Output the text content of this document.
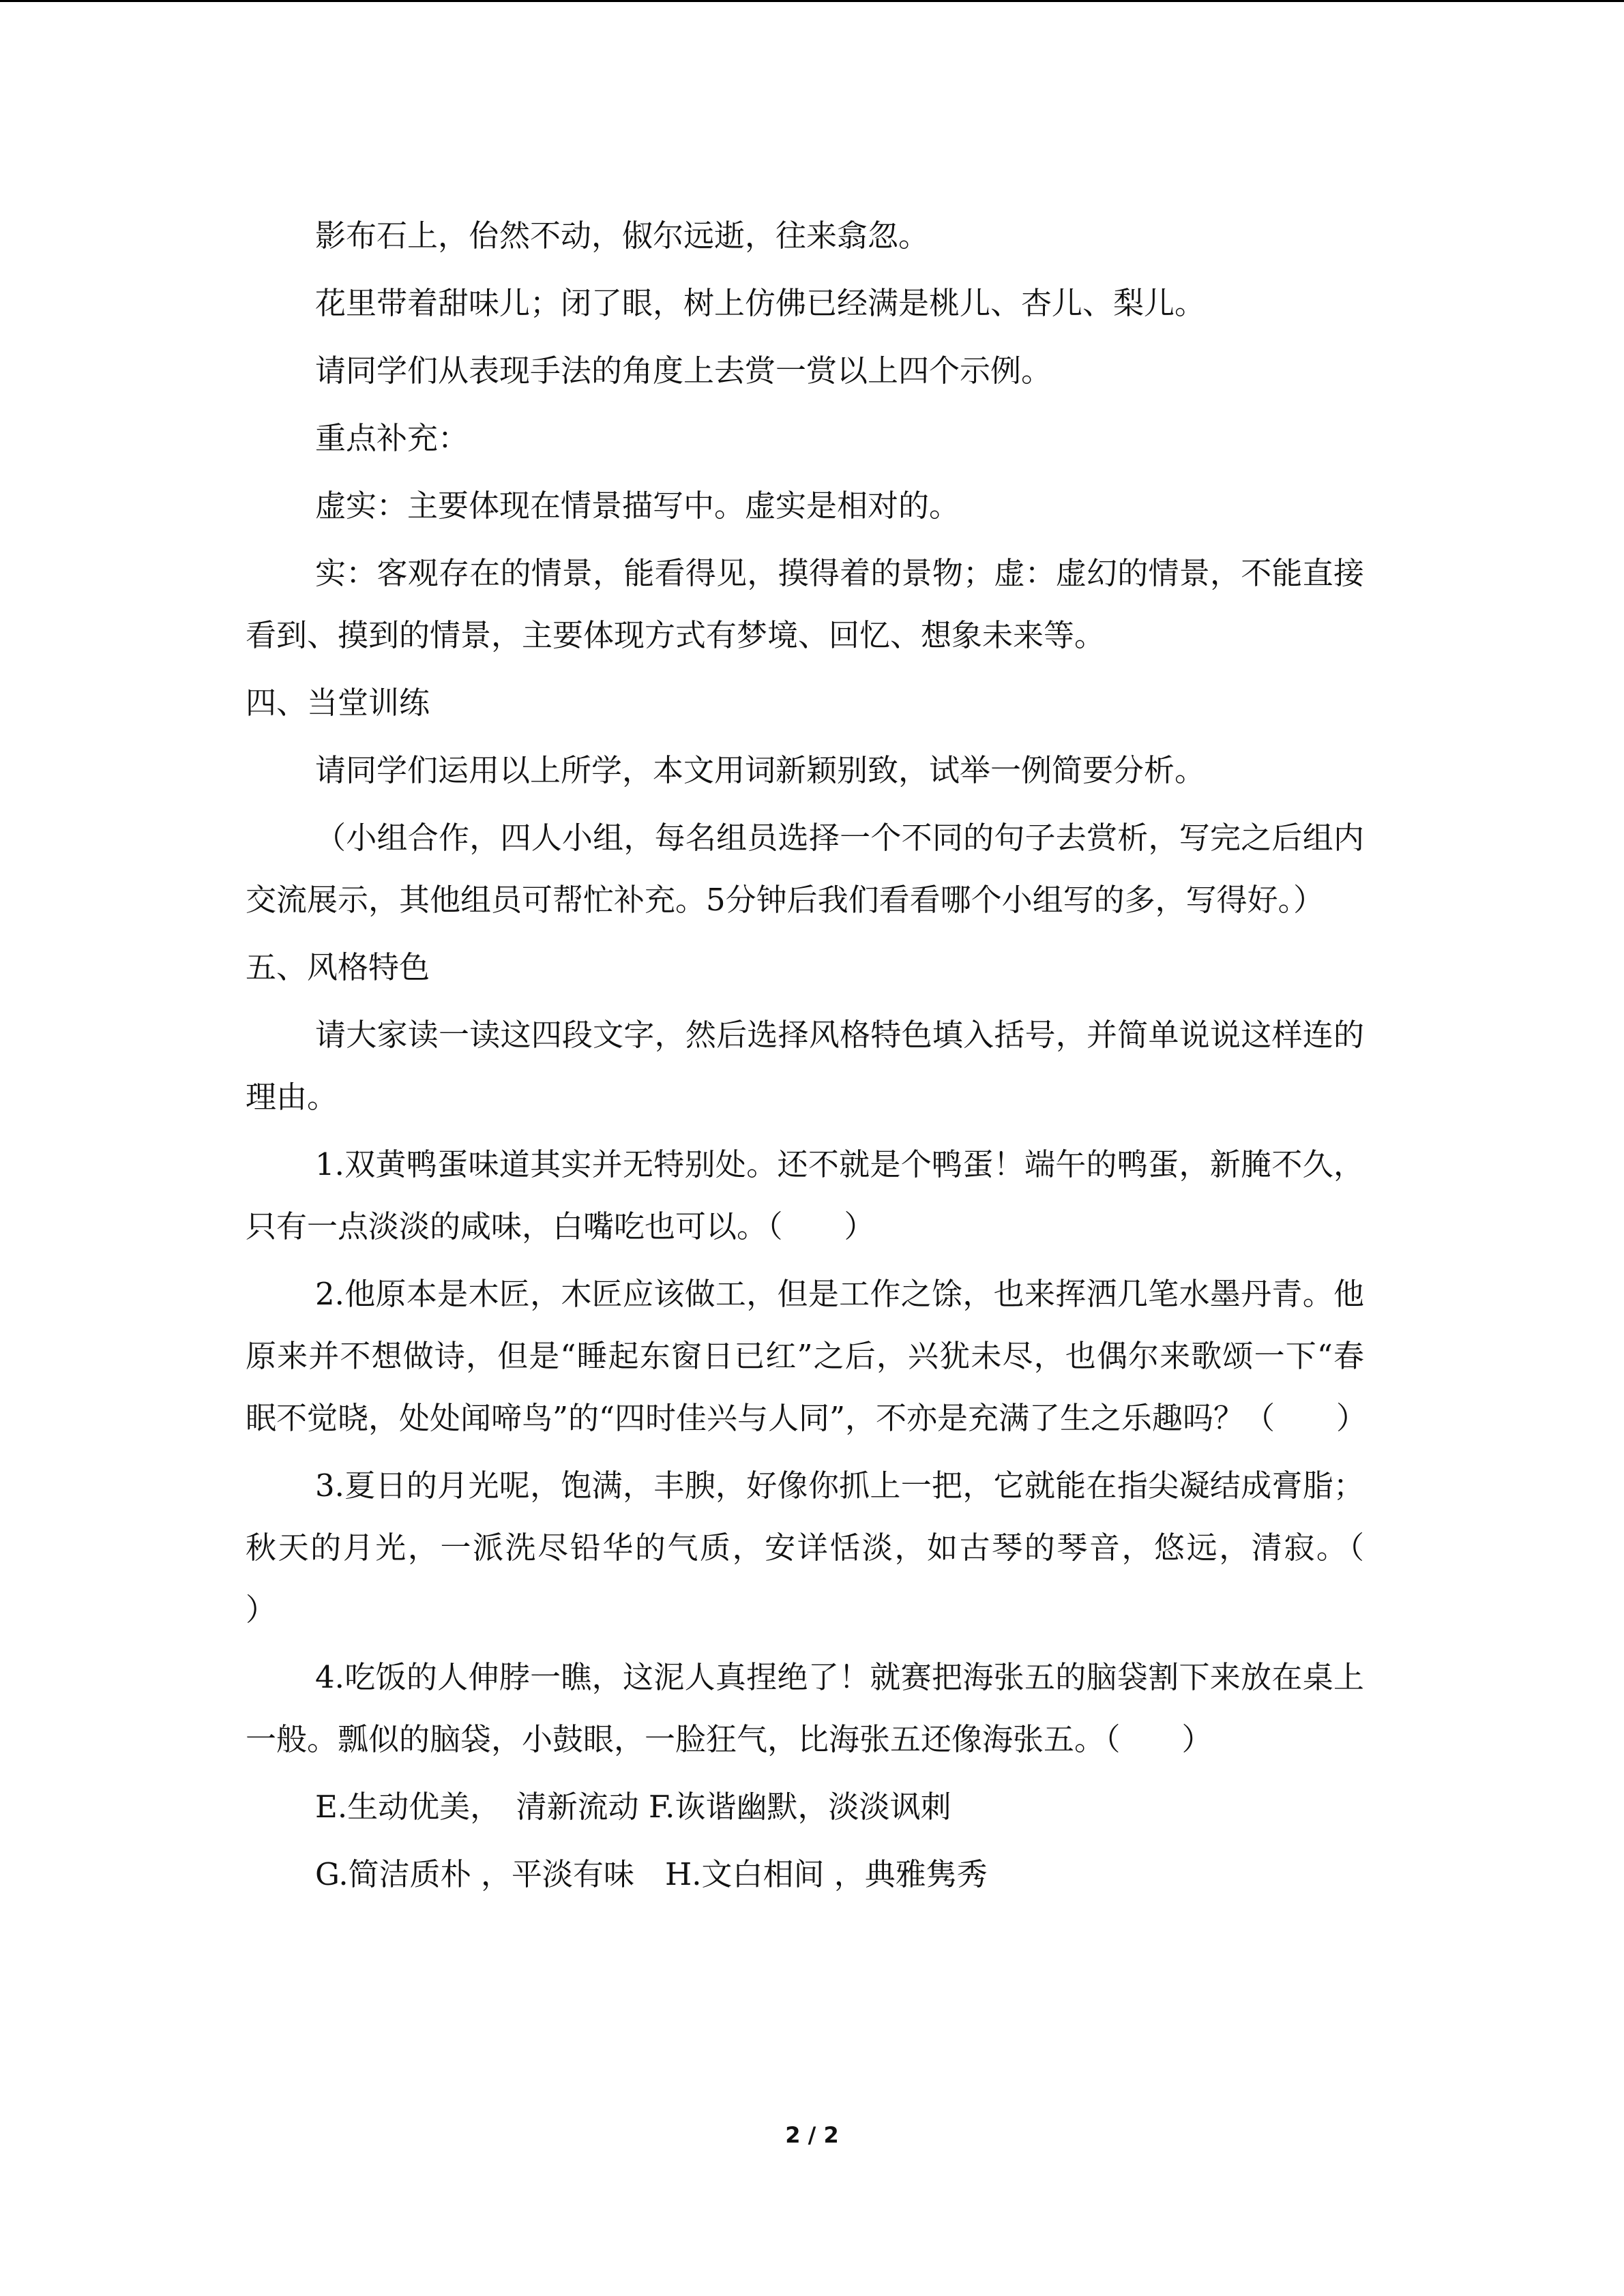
影布石上，佁然不动，俶尔远逝，往来翕忽。

花里带着甜味儿；闭了眼，树上仿佛已经满是桃儿、杏儿、梨儿。

请同学们从表现手法的角度上去赏一赏以上四个示例。

重点补充：

虚实：主要体现在情景描写中。虚实是相对的。

实：客观存在的情景，能看得见，摸得着的景物；虚：虚幻的情景，不能直接看到、摸到的情景，主要体现方式有梦境、回忆、想象未来等。

四、当堂训练

请同学们运用以上所学，本文用词新颖别致，试举一例简要分析。

（小组合作，四人小组，每名组员选择一个不同的句子去赏析，写完之后组内交流展示，其他组员可帮忙补充。5分钟后我们看看哪个小组写的多，写得好。）

五、风格特色

请大家读一读这四段文字，然后选择风格特色填入括号，并简单说说这样连的理由。

1.双黄鸭蛋味道其实并无特别处。还不就是个鸭蛋！端午的鸭蛋，新腌不久，只有一点淡淡的咸味，白嘴吃也可以。（　　）

2.他原本是木匠，木匠应该做工，但是工作之馀，也来挥洒几笔水墨丹青。他原来并不想做诗，但是“睡起东窗日已红”之后，兴犹未尽，也偶尔来歌颂一下“春眠不觉晓，处处闻啼鸟”的“四时佳兴与人同”，不亦是充满了生之乐趣吗？（　　）

3.夏日的月光呢，饱满，丰腴，好像你抓上一把，它就能在指尖凝结成膏脂；秋天的月光，一派洗尽铅华的气质，安详恬淡，如古琴的琴音，悠远，清寂。（　　　）

4.吃饭的人伸脖一瞧，这泥人真捏绝了！就赛把海张五的脑袋割下来放在桌上一般。瓢似的脑袋，小鼓眼，一脸狂气，比海张五还像海张五。（　　）

E.生动优美，　清新流动 F.诙谐幽默，淡淡讽刺

G.简洁质朴 ，平淡有味　H.文白相间 ，典雅隽秀

2 / 2
